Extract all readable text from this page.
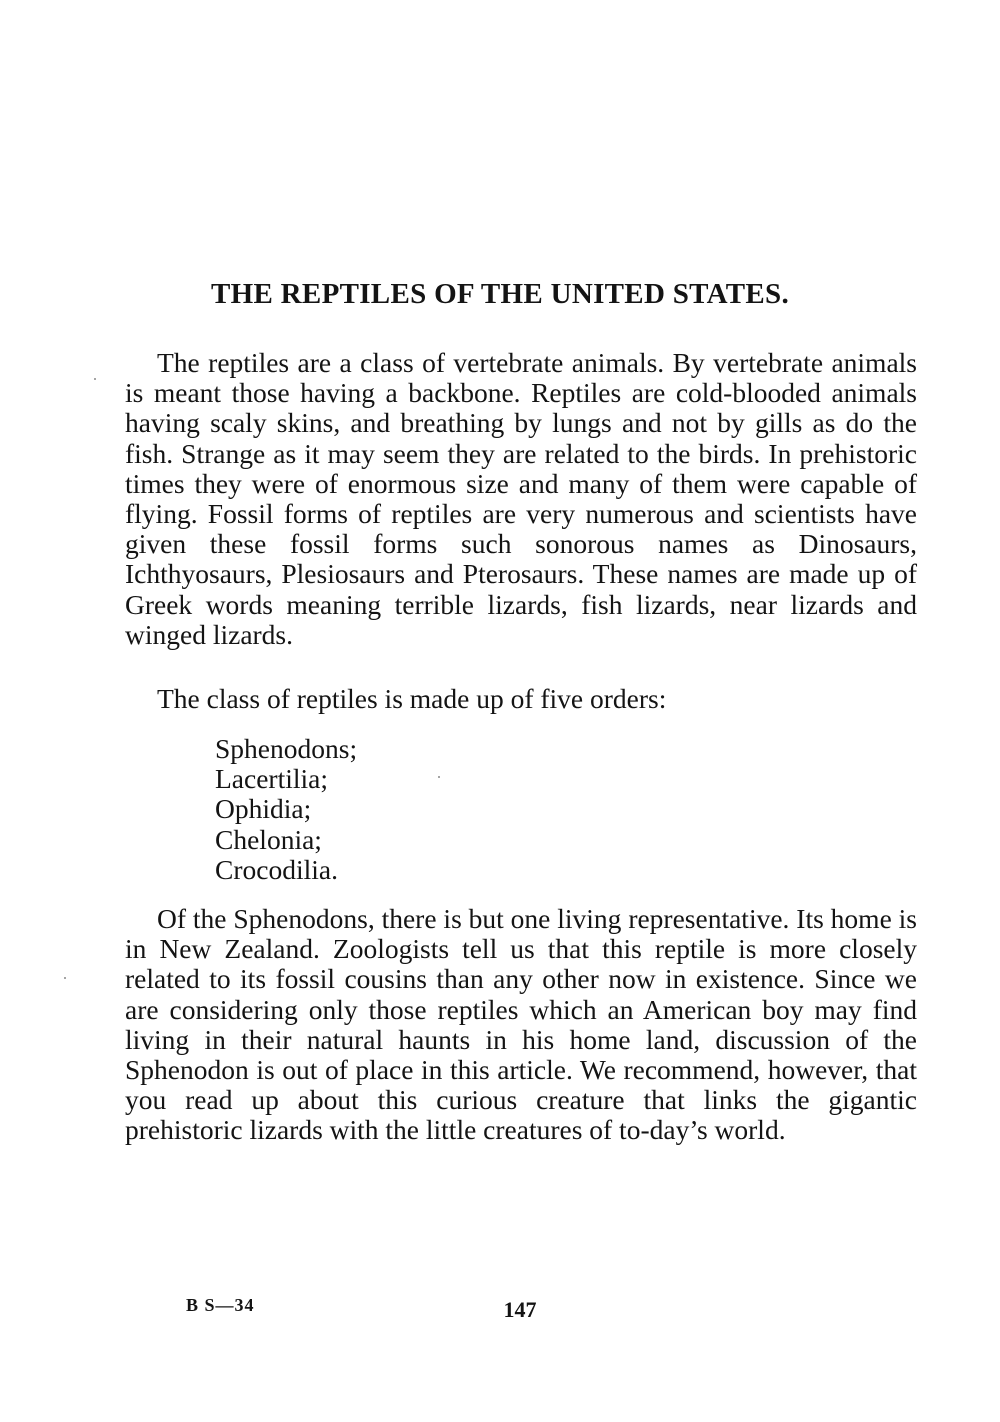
THE REPTILES OF THE UNITED STATES.

The reptiles are a class of vertebrate animals. By vertebrate animals is meant those having a backbone. Reptiles are cold-blooded animals having scaly skins, and breathing by lungs and not by gills as do the fish. Strange as it may seem they are related to the birds. In prehistoric times they were of enormous size and many of them were capable of flying. Fossil forms of reptiles are very numerous and scientists have given these fossil forms such sonorous names as Dinosaurs, Ichthyosaurs, Plesiosaurs and Pterosaurs. These names are made up of Greek words meaning terrible lizards, fish lizards, near lizards and winged lizards.

The class of reptiles is made up of five orders:

Sphenodons;
Lacertilia;
Ophidia;
Chelonia;
Crocodilia.

Of the Sphenodons, there is but one living representative. Its home is in New Zealand. Zoologists tell us that this reptile is more closely related to its fossil cousins than any other now in existence. Since we are considering only those reptiles which an American boy may find living in their natural haunts in his home land, discussion of the Sphenodon is out of place in this article. We recommend, however, that you read up about this curious creature that links the gigantic prehistoric lizards with the little creatures of to-day’s world.

B S—34	147
